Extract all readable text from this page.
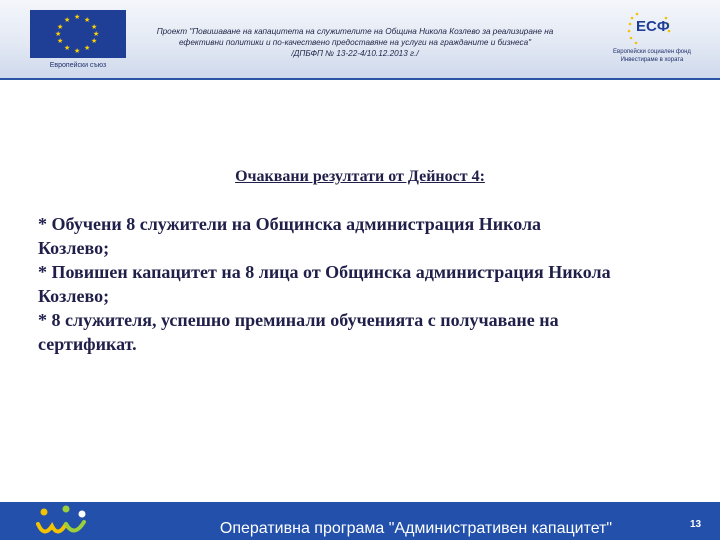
★ ★
★
★
★
★
★
★
★
★
★
★
Европейски съюз
Проект "Повишаване на капацитета на служителите на Община Никола Козлево за реализиране на
ефективни политики и по-качествено предоставяне на услуги на гражданите и бизнеса"
/ДПБФП № 13-22-4/10.12.2013 г./
ЕСФ
Европейски социален фонд
Инвестираме в хората
Очаквани резултати от Дейност 4:
* Обучени 8 служители на Общинска администрация Никола
Козлево;
* Повишен капацитет на 8 лица от Общинска администрация Никола
Козлево;
* 8 служителя, успешно преминали обученията с получаване на
сертификат.
Оперативна програма "Административен капацитет"	13
